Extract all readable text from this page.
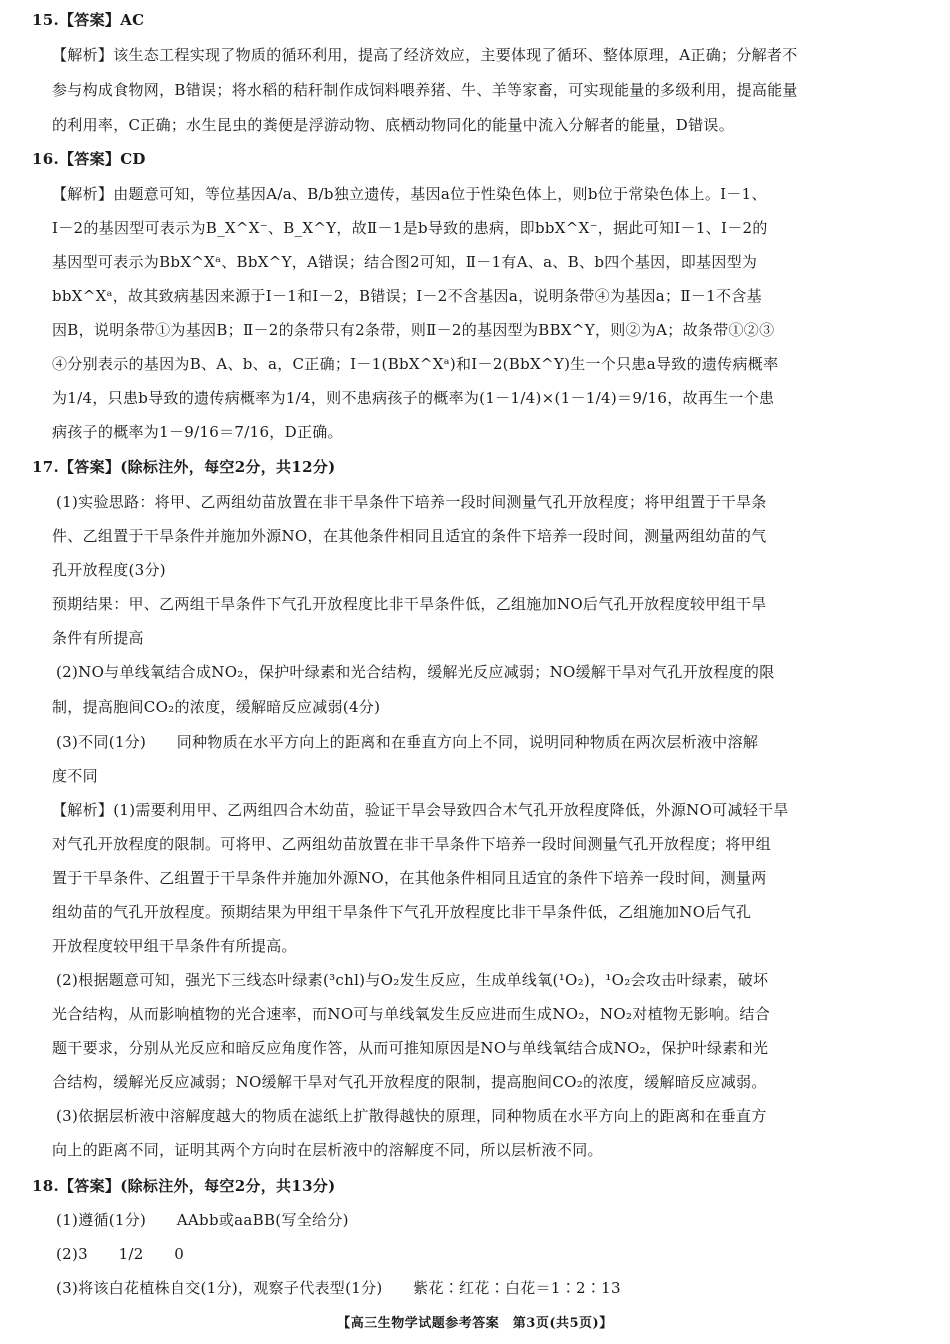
15.【答案】AC
【解析】该生态工程实现了物质的循环利用，提高了经济效应，主要体现了循环、整体原理，A正确；分解者不
参与构成食物网，B错误；将水稻的秸秆制作成饲料喂养猪、牛、羊等家畜，可实现能量的多级利用，提高能量
的利用率，C正确；水生昆虫的粪便是浮游动物、底栖动物同化的能量中流入分解者的能量，D错误。
16.【答案】CD
【解析】由题意可知，等位基因A/a、B/b独立遗传，基因a位于性染色体上，则b位于常染色体上。Ⅰ－1、
Ⅰ－2的基因型可表示为B_X^X⁻、B_X^Y，故Ⅱ－1是b导致的患病，即bbX^X⁻，据此可知Ⅰ－1、Ⅰ－2的
基因型可表示为BbX^Xᵃ、BbX^Y，A错误；结合图2可知，Ⅱ－1有A、a、B、b四个基因，即基因型为
bbX^Xᵃ，故其致病基因来源于Ⅰ－1和Ⅰ－2，B错误；Ⅰ－2不含基因a，说明条带④为基因a；Ⅱ－1不含基
因B，说明条带①为基因B；Ⅱ－2的条带只有2条带，则Ⅱ－2的基因型为BBX^Y，则②为A；故条带①②③
④分别表示的基因为B、A、b、a，C正确；Ⅰ－1(BbX^Xᵃ)和Ⅰ－2(BbX^Y)生一个只患a导致的遗传病概率
为1/4，只患b导致的遗传病概率为1/4，则不患病孩子的概率为(1－1/4)×(1－1/4)＝9/16，故再生一个患
病孩子的概率为1－9/16＝7/16，D正确。
17.【答案】(除标注外，每空2分，共12分)
(1)实验思路：将甲、乙两组幼苗放置在非干旱条件下培养一段时间测量气孔开放程度；将甲组置于干旱条
件、乙组置于干旱条件并施加外源NO，在其他条件相同且适宜的条件下培养一段时间，测量两组幼苗的气
孔开放程度(3分)
预期结果：甲、乙两组干旱条件下气孔开放程度比非干旱条件低，乙组施加NO后气孔开放程度较甲组干旱
条件有所提高
(2)NO与单线氧结合成NO₂，保护叶绿素和光合结构，缓解光反应减弱；NO缓解干旱对气孔开放程度的限
制，提高胞间CO₂的浓度，缓解暗反应减弱(4分)
(3)不同(1分)　　同种物质在水平方向上的距离和在垂直方向上不同，说明同种物质在两次层析液中溶解
度不同
【解析】(1)需要利用甲、乙两组四合木幼苗，验证干旱会导致四合木气孔开放程度降低，外源NO可减轻干旱
对气孔开放程度的限制。可将甲、乙两组幼苗放置在非干旱条件下培养一段时间测量气孔开放程度；将甲组
置于干旱条件、乙组置于干旱条件并施加外源NO，在其他条件相同且适宜的条件下培养一段时间，测量两
组幼苗的气孔开放程度。预期结果为甲组干旱条件下气孔开放程度比非干旱条件低，乙组施加NO后气孔
开放程度较甲组干旱条件有所提高。
(2)根据题意可知，强光下三线态叶绿素(³chl)与O₂发生反应，生成单线氧(¹O₂)，¹O₂会攻击叶绿素，破坏
光合结构，从而影响植物的光合速率，而NO可与单线氧发生反应进而生成NO₂，NO₂对植物无影响。结合
题干要求，分别从光反应和暗反应角度作答，从而可推知原因是NO与单线氧结合成NO₂，保护叶绿素和光
合结构，缓解光反应减弱；NO缓解干旱对气孔开放程度的限制，提高胞间CO₂的浓度，缓解暗反应减弱。
(3)依据层析液中溶解度越大的物质在滤纸上扩散得越快的原理，同种物质在水平方向上的距离和在垂直方
向上的距离不同，证明其两个方向时在层析液中的溶解度不同，所以层析液不同。
18.【答案】(除标注外，每空2分，共13分)
(1)遵循(1分)　　AAbb或aaBB(写全给分)
(2)3　　1/2　　0
(3)将该白花植株自交(1分)，观察子代表型(1分)　　紫花∶红花∶白花＝1∶2∶13
【高三生物学试题参考答案　第3页(共5页)】
